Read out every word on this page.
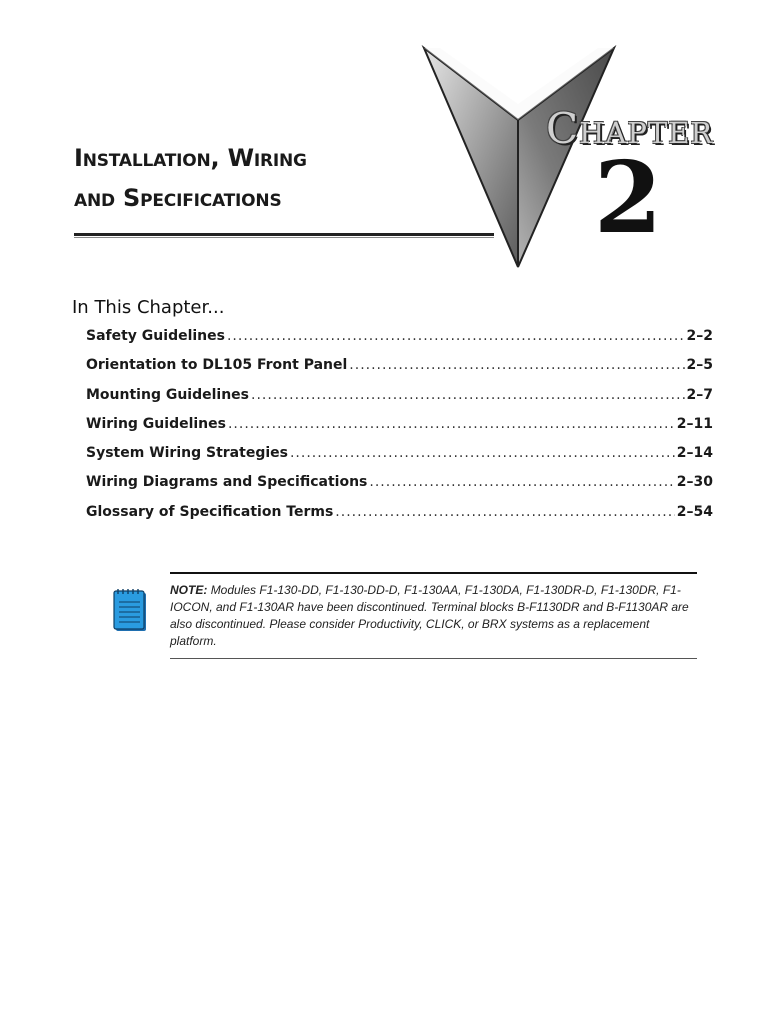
Installation, Wiring
and Specifications
Chapter
2
In This Chapter...
Safety Guidelines .....	2–2
Orientation to DL105 Front Panel .....	2–5
Mounting Guidelines .....	2–7
Wiring Guidelines .....	2–11
System Wiring Strategies .....	2–14
Wiring Diagrams and Specifications .....	2–30
Glossary of Specification Terms .....	2–54

NOTE: Modules F1-130-DD, F1-130-DD-D, F1-130AA, F1-130DA, F1-130DR-D, F1-130DR, F1-IOCON, and F1-130AR have been discontinued. Terminal blocks B-F1130DR and B-F1130AR are also discontinued. Please consider Productivity, CLICK, or BRX systems as a replacement platform.
